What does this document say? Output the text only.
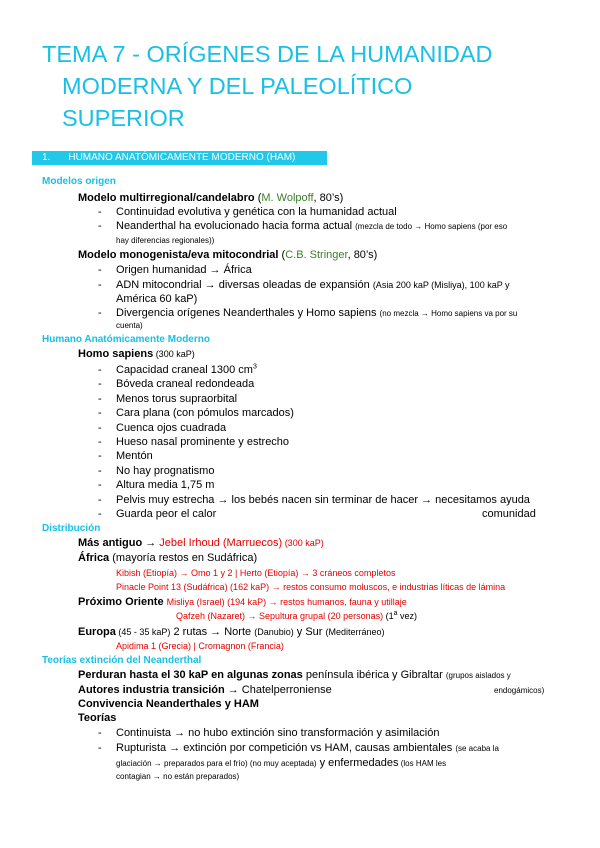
TEMA 7 - ORÍGENES DE LA HUMANIDAD
MODERNA Y DEL PALEOLÍTICO
SUPERIOR
1. HUMANO ANATÓMICAMENTE MODERNO (HAM)
Modelos origen
Modelo multirregional/candelabro (M. Wolpoff, 80’s)
- Continuidad evolutiva y genética con la humanidad actual
- Neanderthal ha evolucionado hacia forma actual (mezcla de todo → Homo sapiens (por eso
hay diferencias regionales))
Modelo monogenista/eva mitocondrial (C.B. Stringer, 80’s)
- Origen humanidad → África
- ADN mitocondrial → diversas oleadas de expansión (Asia 200 kaP (Misliya), 100 kaP y
América 60 kaP)
- Divergencia orígenes Neanderthales y Homo sapiens (no mezcla → Homo sapiens va por su
cuenta)
Humano Anatómicamente Moderno
Homo sapiens (300 kaP)
- Capacidad craneal 1300 $cm^3$
- Bóveda craneal redondeada
- Menos torus supraorbital
- Cara plana (con pómulos marcados)
- Cuenca ojos cuadrada
- Hueso nasal prominente y estrecho
- Mentón
- No hay prognatismo
- Altura media 1,75 m
- Pelvis muy estrecha → los bebés nacen sin terminar de hacer → necesitamos ayuda
- Guarda peor el calor	comunidad
Distribución
Más antiguo → Jebel Irhoud (Marruecos) (300 kaP)
África (mayoría restos en Sudáfrica)
Kibish (Etiopía) → Omo 1 y 2 | Herto (Etiopía) → 3 cráneos completos
Pinacle Point 13 (Sudáfrica) (162 kaP) → restos consumo moluscos, e industrias líticas de lámina
Próximo Oriente Misliya (Israel) (194 kaP) → restos humanos, fauna y utillaje
Qafzeh (Nazaret) → Sepultura grupal (20 personas) (1$^a$ vez)
Europa (45 - 35 kaP) 2 rutas → Norte (Danubio) y Sur (Mediterráneo)
Apidima 1 (Grecia) | Cromagnon (Francia)
Teorías extinción del Neanderthal
Perduran hasta el 30 kaP en algunas zonas península ibérica y Gibraltar (grupos aislados y
Autores industria transición → Chatelperroniense	endogámicos)
Convivencia Neanderthales y HAM
Teorías
- Continuista → no hubo extinción sino transformación y asimilación
- Rupturista → extinción por competición vs HAM, causas ambientales (se acaba la
glaciación → preparados para el frío) (no muy aceptada) y enfermedades (los HAM les
contagian → no están preparados)
